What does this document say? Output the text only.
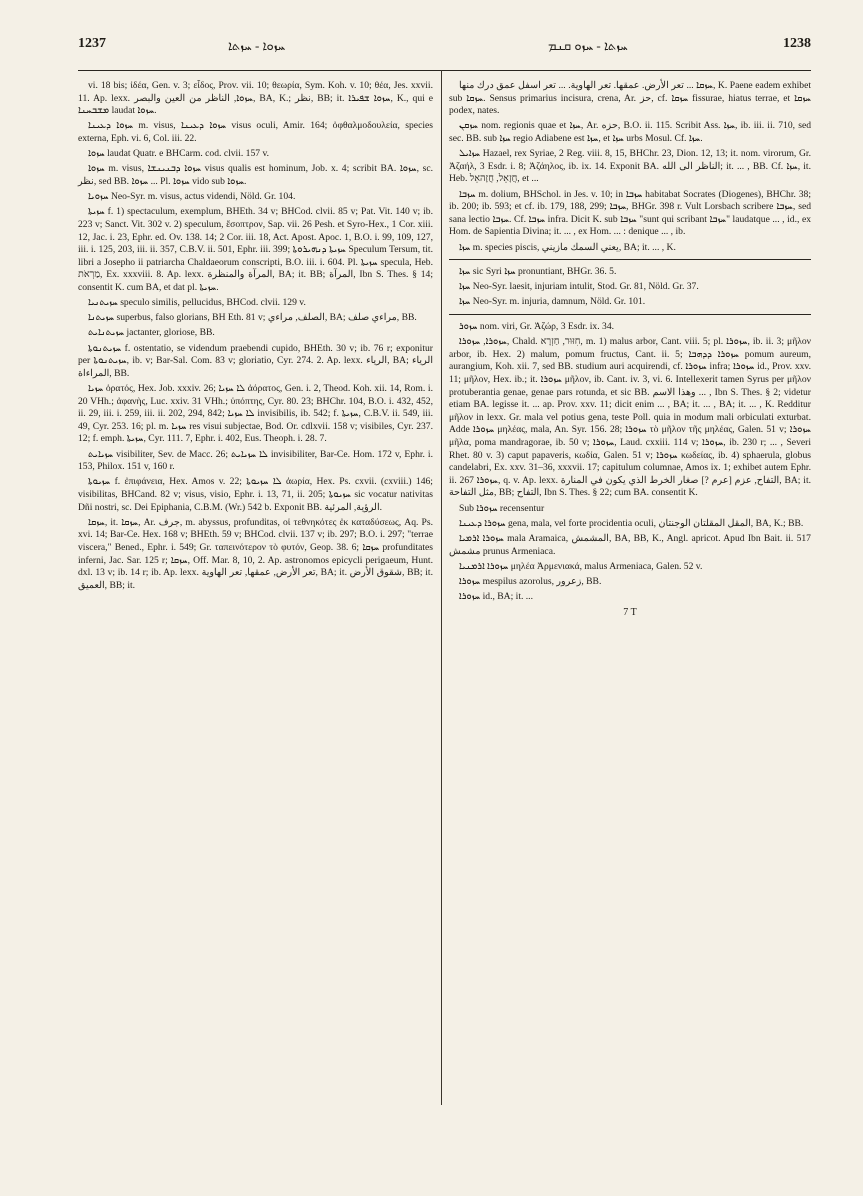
1237	ܚܙܘܐ - ܚܙܬܐ	ܚܙܬܐ - ܚܙܘ ܩܢܡ	1238

vi. 18 bis; ἰδέα, Gen. v. 3; εἶδος, Prov. vii. 10; θεωρία, Sym. Koh. v. 10; θέα, Jes. xxvii. 11. Ap. lexx. ܚܙܘܐ, الناظر من العين والبصر, BA, K.; نظر, BB; it. ܚܙܘܐ ܫܦܝܪܐ, K., qui e ܡܫܒܚܢܐ laudat ܚܙܘܐ.

ܚܙܘܐ ܕܥܝܢܐ m. visus, ܚܙܘܐ ܕܥܝܢܐ visus oculi, Amir. 164; ὀφθαλμοδουλεία, species externa, Eph. vi. 6, Col. iii. 22.

ܚܙܘܐ laudat Quatr. e BHCarm. cod. clvii. 157 v.

ܚܙܘܐ m. visus, ܚܙܘܐ ܕܒܢܝܢܫܐ visus qualis est hominum, Job. x. 4; scribit BA. ܚܙܘܐ, sc. نظر, sed BB. ܚܙܘܐ ... Pl. ܚܙܘܐ vido sub ܚܙܘܐ.

ܚܙܘܝܐ Neo-Syr. m. visus, actus videndi, Nöld. Gr. 104.

ܚܙܝܬܐ f. 1) spectaculum, exemplum, BHEth. 34 v; BHCod. clvii. 85 v; Pat. Vit. 140 v; ib. 223 v; Sanct. Vit. 302 v. 2) speculum, ἔσοπτρον, Sap. vii. 26 Pesh. et Syro-Hex., 1 Cor. xiii. 12, Jac. i. 23, Ephr. ed. Ov. 138. 14; 2 Cor. iii. 18, Act. Apost. Apoc. 1, B.O. i. 99, 109, 127, iii. i. 125, 203, iii. ii. 357, C.B.V. ii. 501, Ephr. iii. 399; ܚܙܝܬܐ ܕܢܗܝܪܘܬܐ Speculum Tersum, tit. libri a Josepho ii patriarcha Chaldaeorum conscripti, B.O. iii. i. 604. Pl. ܚܙܝܬܐ specula, Heb. מַרְאֹת, Ex. xxxviii. 8. Ap. lexx. المرآة والمنظرة, BA; it. BB; المرآة, Ibn S. Thes. § 14; consentit K. cum BA, et dat pl. ܚܙܝܬܐ.

ܚܙܝܬܢܝܐ speculo similis, pellucidus, BHCod. clvii. 129 v.

ܚܙܝܬܢܐ superbus, falso glorians, BH Eth. 81 v; الصلف, مراءي, BA; مراءي صلف, BB.

ܚܙܝܬܢܐܝܬ jactanter, gloriose, BB.

ܚܙܝܬܢܘܬܐ f. ostentatio, se videndum praebendi cupido, BHEth. 30 v; ib. 76 r; exponitur per ܚܙܝܬܢܘܬܐ, ib. v; Bar-Sal. Com. 83 v; gloriatio, Cyr. 274. 2. Ap. lexx. الرياء, BA; الرياء المراءاة, BB.

ܚܙܝܐ ὁρατός, Hex. Job. xxxiv. 26; ܠܐ ܚܙܝܐ ἀόρατος, Gen. i. 2, Theod. Koh. xii. 14, Rom. i. 20 VHh.; ἀφανὴς, Luc. xxiv. 31 VHh.; ὑπόπτης, Cyr. 80. 23; BHChr. 104, B.O. i. 432, 452, ii. 29, iii. i. 259, iii. ii. 202, 294, 842; ܠܐ ܚܙܝܐ invisibilis, ib. 542; f. ܚܙܝܬܐ, C.B.V. ii. 549, iii. 49, Cyr. 253. 16; pl. m. ܚܙܝܐ res visui subjectae, Bod. Or. cdlxvii. 158 v; visibiles, Cyr. 237. 12; f. emph. ܚܙܝܬܐ, Cyr. 111. 7, Ephr. i. 402, Eus. Theoph. i. 28. 7.

ܚܙܝܐܝܬ visibiliter, Sev. de Macc. 26; ܠܐ ܚܙܝܐܝܬ invisibiliter, Bar-Ce. Hom. 172 v, Ephr. i. 153, Philox. 151 v, 160 r.

ܚܙܝܘܬܐ f. ἐπιφάνεια, Hex. Amos v. 22; ܠܐ ܚܙܝܘܬܐ ἀωρία, Hex. Ps. cxvii. (cxviii.) 146; visibilitas, BHCand. 82 v; visus, visio, Ephr. i. 13, 71, ii. 205; ܚܙܝܘܬܐ sic vocatur nativitas Dñi nostri, sc. Dei Epiphania, C.B.M. (Wr.) 542 b. Exponit BB. الرؤية, المرئية.

ܚܙܩܐ, it. ܚܙܩܐ, Ar. جرف, m. abyssus, profunditas, οἱ τεθνηκότες ἐκ καταδύσεως, Aq. Ps. xvi. 14; Bar-Ce. Hex. 168 v; BHEth. 59 v; BHCod. clvii. 137 v; ib. 297; B.O. i. 297; "terrae viscera," Bened., Ephr. i. 549; Gr. ταπεινότερον τὸ φυτόν, Geop. 38. 6; ܚܙܩܐ profunditates inferni, Jac. Sar. 125 r; ܚܙܩܐ, Off. Mar. 8, 10, 2. Ap. astronomos epicycli perigaeum, Hunt. dxl. 13 v; ib. 14 r; ib. Ap. lexx. تعر الأرض, عمقها, تعر الهاوية, BA; it. شقوق الأرض, BB; it. العميق, BB; it.

ܚܙܩܐ ... تعر الأرض. عمقها. تعر الهاوية. ... تعر اسفل عمق درك منها, K. Paene eadem exhibet sub ܚܙܩܐ. Sensus primarius incisura, crena, Ar. حز, cf. ܚܙܩܐ fissurae, hiatus terrae, et ܚܙܩܐ podex, nates.

ܚܙܩܢ nom. regionis quae et ܚܙܐ, Ar. حزه, B.O. ii. 115. Scribit Ass. ܚܙܐ, ib. iii. ii. 710, sed sec. BB. sub ܚܙܐ regio Adiabene est ܚܙܐ, et ܚܙܐ urbs Mosul. Cf. ܚܙܐ.

ܚܙܐܝܠ Hazael, rex Syriae, 2 Reg. viii. 8, 15, BHChr. 23, Dion. 12, 13; it. nom. virorum, Gr. Ἀζαήλ, 3 Esdr. i. 8; Ἀζάηλος, ib. ix. 14. Exponit BA. الناظر الى الله; it. ... , BB. Cf. ܚܙܐ, it. Heb. חֲזָאֵל, חֲזָהאֵל, et ...

ܚܙܒܐ m. dolium, BHSchol. in Jes. v. 10; in ܚܙܒܐ habitabat Socrates (Diogenes), BHChr. 38; ib. 200; ib. 593; et cf. ib. 179, 188, 299; ܚܙܒܐ, BHGr. 398 r. Vult Lorsbach scribere ܚܙܒܐ, sed sana lectio ܚܙܒܐ. Cf. ܚܙܒܐ infra. Dicit K. sub ܚܙܒܐ "sunt qui scribant ܚܙܒܐ" laudatque ... , id., ex Hom. de Sapientia Divina; it. ... , ex Hom. ... : denique ... , ib.

ܚܙܐ m. species piscis, يعني السمك مازيني, BA; it. ... , K.

ܚܙܐ sic Syri ܚܙܐ pronuntiant, BHGr. 36. 5.

ܚܙܐ Neo-Syr. laesit, injuriam intulit, Stod. Gr. 81, Nöld. Gr. 37.

ܚܙܐ Neo-Syr. m. injuria, damnum, Nöld. Gr. 101.

ܚܙܘܪ nom. viri, Gr. Ἀζώρ, 3 Esdr. ix. 34.

ܚܙܘܪܐ, ܚܙܘܪܐ, Chald. חִזּוּר, חַזְרָא, m. 1) malus arbor, Cant. viii. 5; pl. ܚܙܘܪܐ, ib. ii. 3; μῆλον arbor, ib. Hex. 2) malum, pomum fructus, Cant. ii. 5; ܚܙܘܪܐ ܕܕܗܒܐ pomum aureum, aurangium, Koh. xii. 7, sed BB. studium auri acquirendi, cf. ܚܙܘܪܐ infra; ܚܙܘܪܐ id., Prov. xxv. 11; μῆλον, Hex. ib.; it. ܚܙܘܪܐ μῆλον, ib. Cant. iv. 3, vi. 6. Intellexerit tamen Syrus per μῆλον protuberantia genae, genae pars rotunda, et sic BB. وهذا الاسم ... , Ibn S. Thes. § 2; videtur etiam BA. legisse it. ... ap. Prov. xxv. 11; dicit enim ... , BA; it. ... , BA; it. ... , K. Redditur μῆλον in lexx. Gr. mala vel potius gena, teste Poll. quia in modum mali orbiculati exturbat. Adde ܚܙܘܪܐ μηλέας, mala, An. Syr. 156. 28; ܚܙܘܪܐ τὸ μῆλον τῆς μηλέας, Galen. 51 v; ܚܙܘܪܐ μῆλα, poma mandragorae, ib. 50 v; ܚܙܘܪܐ, Laud. cxxiii. 114 v; ܚܙܘܪܐ, ib. 230 r; ... , Severi Rhet. 80 v. 3) caput papaveris, κωδία, Galen. 51 v; ܚܙܘܪܐ κωδείας, ib. 4) sphaerula, globus candelabri, Ex. xxv. 31–36, xxxvii. 17; capitulum columnae, Amos ix. 1; exhibet autem Ephr. ii. 267 ܚܙܘܪܐ, q. v. Ap. lexx. التفاح, عزم [عرم ?] صغار الخرط الذي يكون في المنارة, BA; it. مثل التفاحة, BB; التفاح, Ibn S. Thes. § 22; cum BA. consentit K.

Sub ܚܙܘܪܐ recensentur

ܚܙܘܪܐ ܕܥܝܢܐ gena, mala, vel forte procidentia oculi, المقل المقلتان الوجنتان, BA, K.; BB.

ܚܙܘܪܐ ܐܪܡܝܐ mala Aramaica, المشمش, BA, BB, K., Angl. apricot. Apud Ibn Bait. ii. 517 مشمش prunus Armeniaca.

ܚܙܘܪܐ ܐܪܡܢܝܐ μηλέα Ἀρμενιακά, malus Armeniaca, Galen. 52 v.

ܚܙܘܪܐ mespilus azorolus, زعرور, BB.

ܚܙܘܪܐ id., BA; it. ...

7 T
